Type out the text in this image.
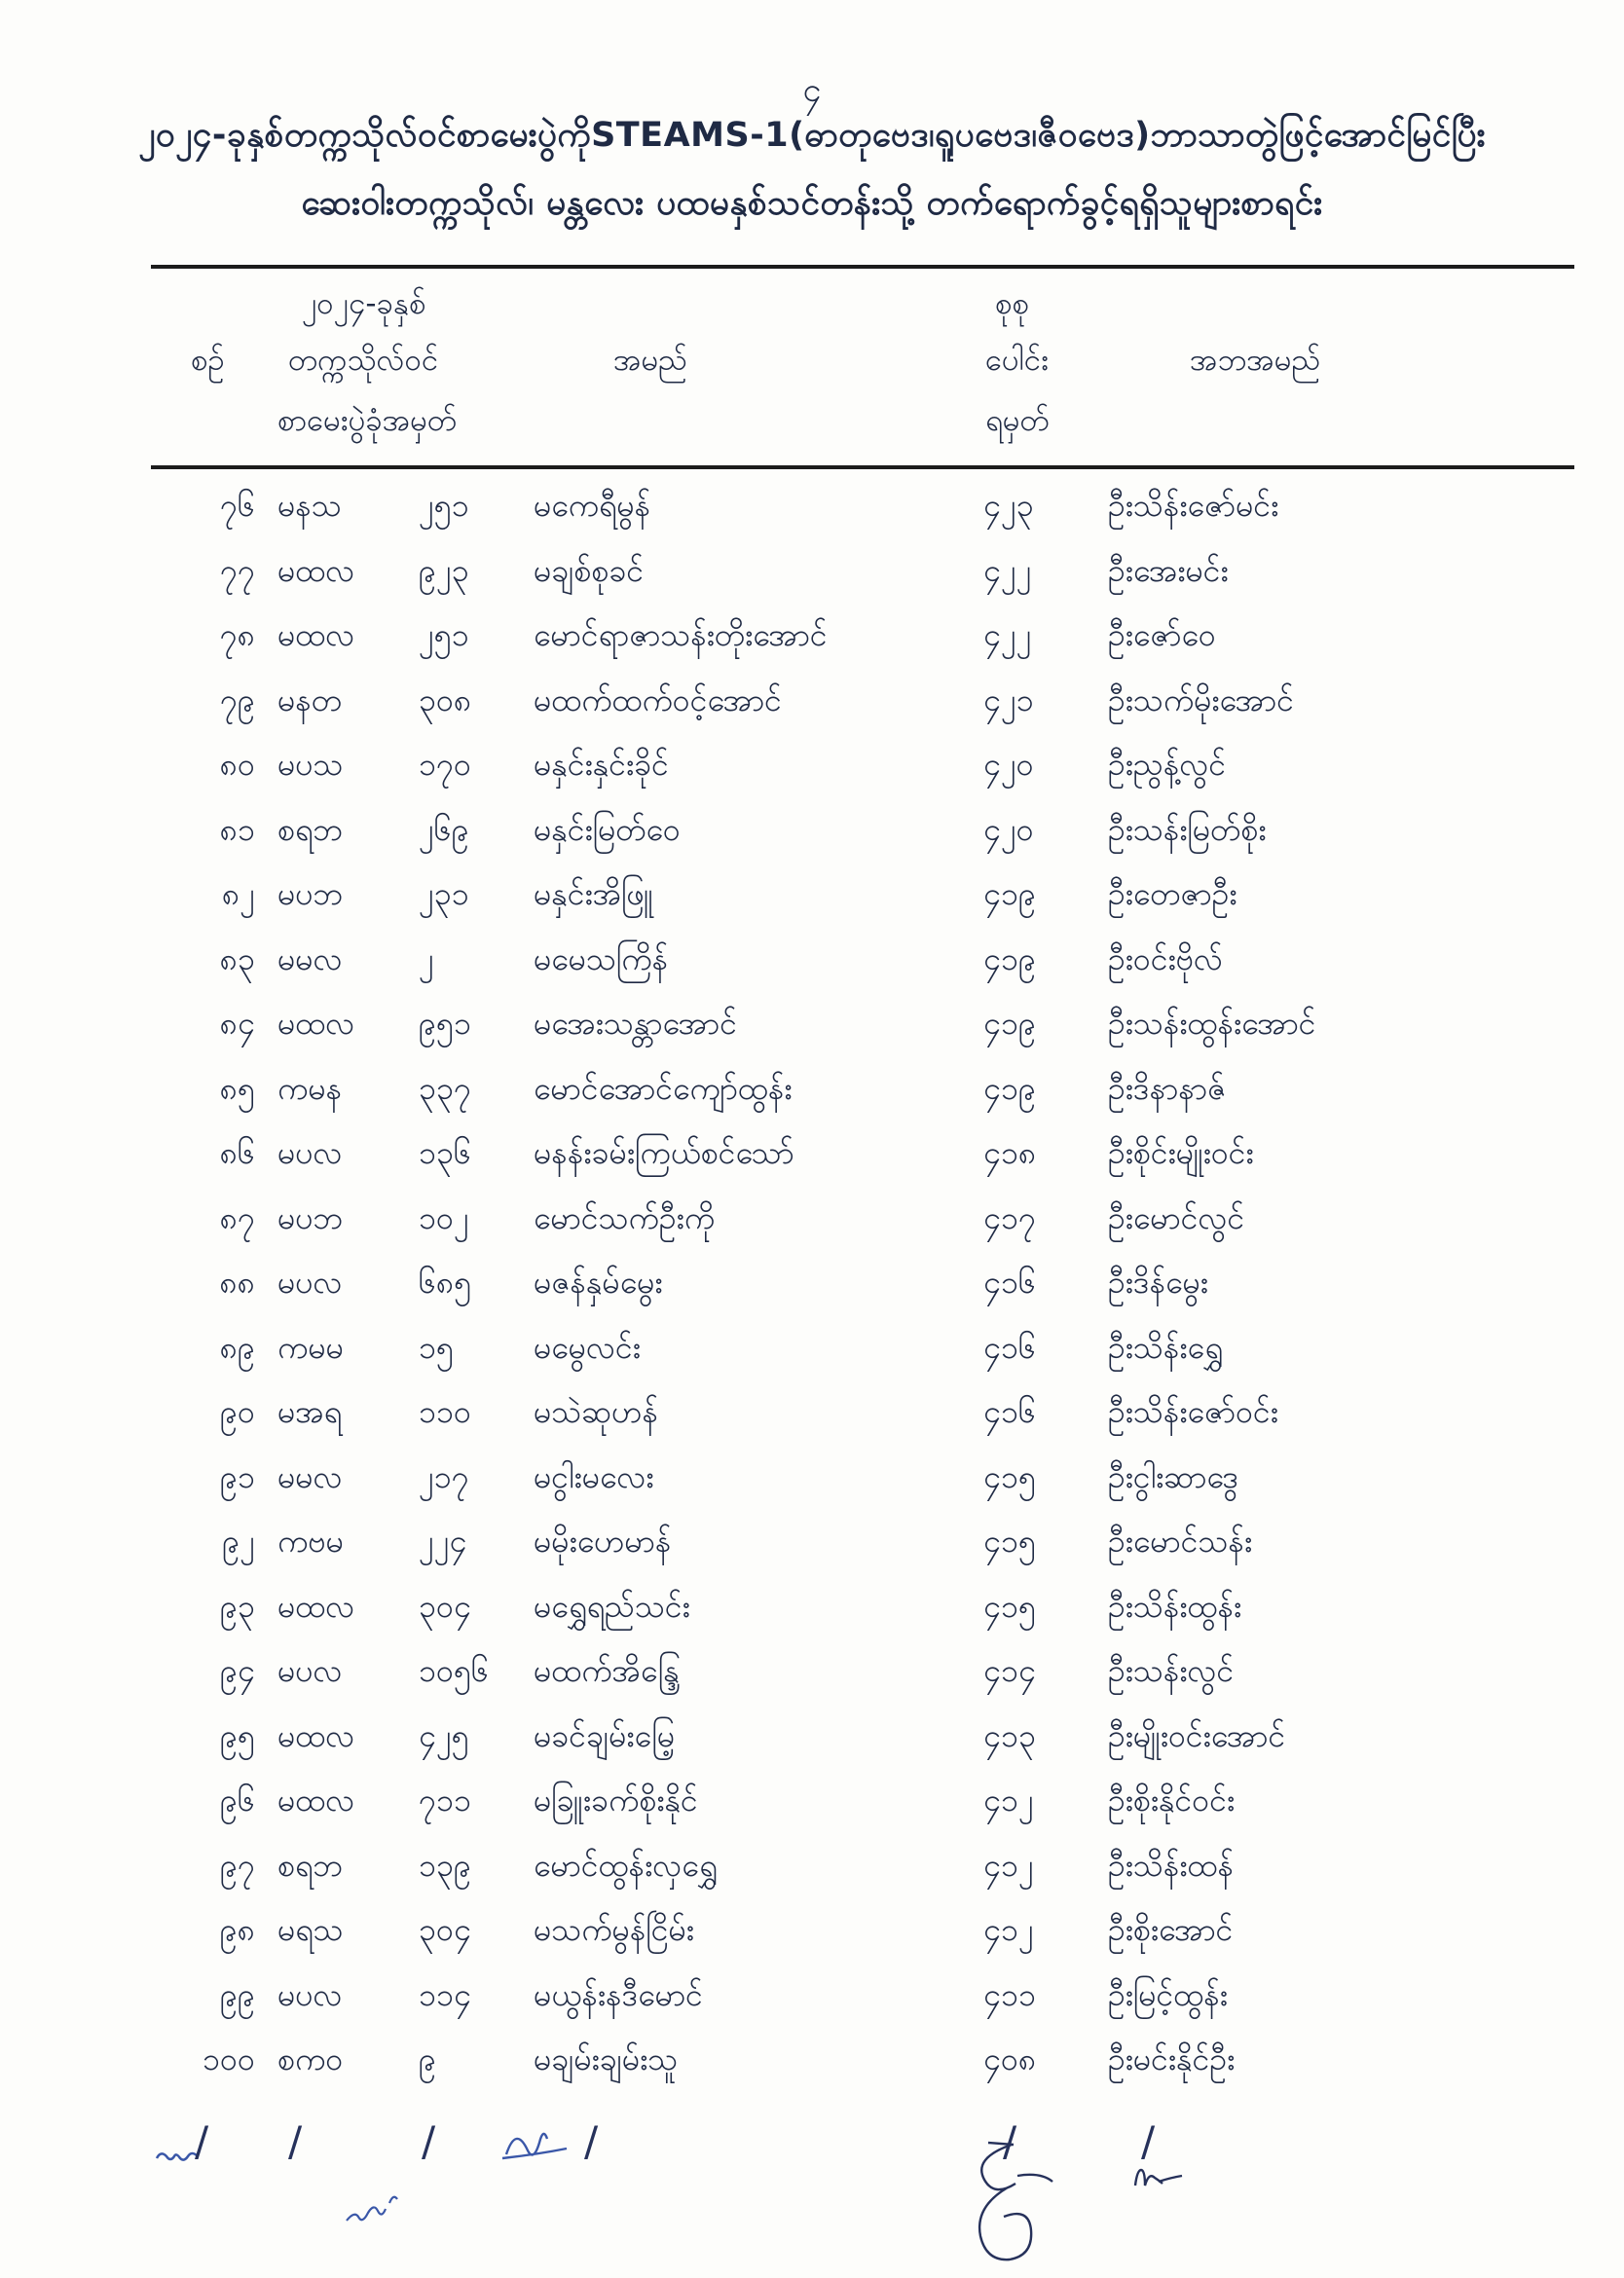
၄
၂၀၂၄-ခုနှစ်တက္ကသိုလ်ဝင်စာမေးပွဲကိုSTEAMS-1(ဓာတုဗေဒ၊ရူပဗေဒ၊ဇီဝဗေဒ)ဘာသာတွဲဖြင့်အောင်မြင်ပြီး
ဆေးဝါးတက္ကသိုလ်၊ မန္တလေး ပထမနှစ်သင်တန်းသို့ တက်ရောက်ခွင့်ရရှိသူများစာရင်း
စဉ်
၂၀၂၄-ခုနှစ်
တက္ကသိုလ်ဝင်
စာမေးပွဲခုံအမှတ်
အမည်
စုစု
ပေါင်း
ရမှတ်
အဘအမည်
၇၆ မနသ ၂၅၁ မကေရီမွန်	၄၂၃ ဦးသိန်းဇော်မင်း
၇၇ မထလ ၉၂၃ မချစ်စုခင်	၄၂၂ ဦးအေးမင်း
၇၈ မထလ ၂၅၁ မောင်ရာဇာသန်းတိုးအောင်	၄၂၂ ဦးဇော်ဝေ
၇၉ မနတ ၃၀၈ မထက်ထက်ဝင့်အောင်	၄၂၁ ဦးသက်မိုးအောင်
၈၀ မပသ ၁၇၀ မနှင်းနှင်းခိုင်	၄၂၀ ဦးညွန့်လွင်
၈၁ စရဘ ၂၆၉ မနှင်းမြတ်ဝေ	၄၂၀ ဦးသန်းမြတ်စိုး
၈၂ မပဘ ၂၃၁ မနှင်းအိဖြူ	၄၁၉ ဦးတေဇာဦး
၈၃ မမလ ၂	မမေသကြိန်	၄၁၉ ဦးဝင်းဗိုလ်
၈၄ မထလ ၉၅၁ မအေးသန္တာအောင်	၄၁၉ ဦးသန်းထွန်းအောင်
၈၅ ကမန ၃၃၇ မောင်အောင်ကျော်ထွန်း	၄၁၉ ဦးဒိနာနာဇ်
၈၆ မပလ ၁၃၆ မနန်းခမ်းကြယ်စင်သော်	၄၁၈ ဦးစိုင်းမျိုးဝင်း
၈၇ မပဘ ၁၀၂ မောင်သက်ဦးကို	၄၁၇ ဦးမောင်လွင်
၈၈ မပလ ၆၈၅ မဇန်နှမ်မွေး	၄၁၆ ဦးဒိန်မွေး
၈၉ ကမမ ၁၅	မမွေလင်း	၄၁၆ ဦးသိန်းရွှေ
၉၀ မအရ ၁၁၀ မသဲဆုဟန်	၄၁၆ ဦးသိန်းဇော်ဝင်း
၉၁ မမလ ၂၁၇ မငွါးမလေး	၄၁၅ ဦးငွါးဆာဒွေ
၉၂ ကဗမ ၂၂၄ မမိုးဟေမာန်	၄၁၅ ဦးမောင်သန်း
၉၃ မထလ ၃၀၄ မရွှေရည်သင်း	၄၁၅ ဦးသိန်းထွန်း
၉၄ မပလ ၁၀၅၆ မထက်အိန္ဒြေ	၄၁၄ ဦးသန်းလွင်
၉၅ မထလ ၄၂၅ မခင်ချမ်းမြေ့	၄၁၃ ဦးမျိုးဝင်းအောင်
၉၆ မထလ ၇၁၁ မခြူးခက်စိုးနိုင်	၄၁၂ ဦးစိုးနိုင်ဝင်း
၉၇ စရဘ ၁၃၉ မောင်ထွန်းလှရွှေ	၄၁၂ ဦးသိန်းထန်
၉၈ မရသ ၃၀၄ မသက်မွန်ငြိမ်း	၄၁၂ ဦးစိုးအောင်
၉၉ မပလ ၁၁၄ မယွန်းနဒီမောင်	၄၁၁ ဦးမြင့်ထွန်း
၁၀၀ စကဝ ၉	မချမ်းချမ်းသူ	၄၀၈ ဦးမင်းနိုင်ဦး
/ /	/	/	/	/
